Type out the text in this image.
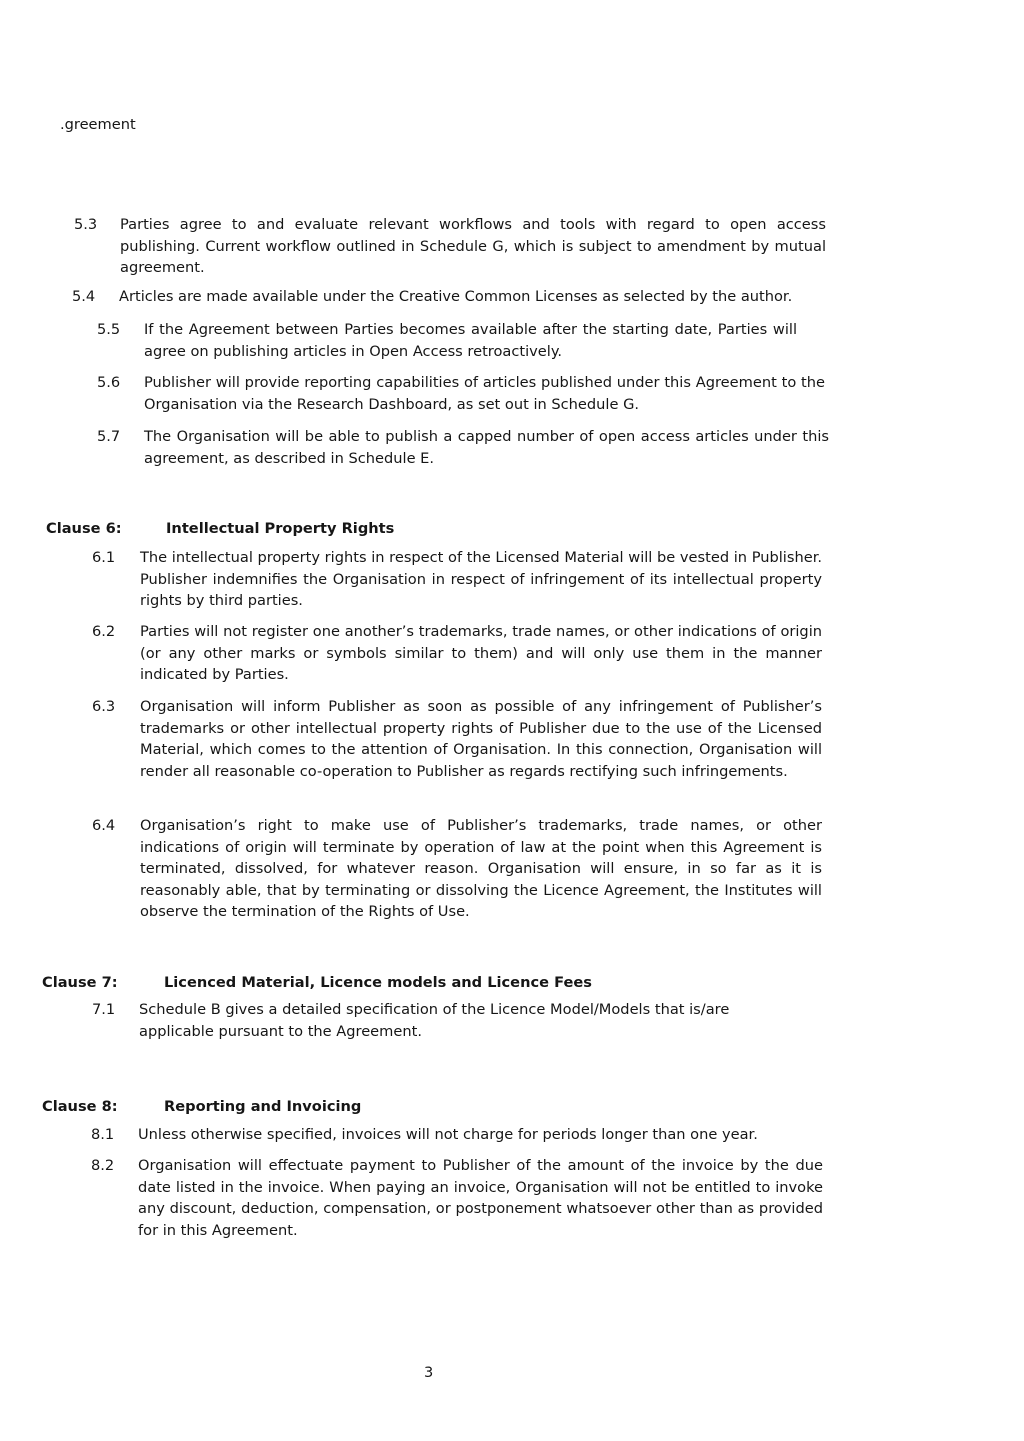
.greement
5.3	Parties agree to and evaluate relevant workflows and tools with regard to open access publishing. Current workflow outlined in Schedule G, which is subject to amendment by mutual agreement.
5.4	Articles are made available under the Creative Common Licenses as selected by the author.
5.5	If the Agreement between Parties becomes available after the starting date, Parties will agree on publishing articles in Open Access retroactively.
5.6	Publisher will provide reporting capabilities of articles published under this Agreement to the Organisation via the Research Dashboard, as set out in Schedule G.
5.7	The Organisation will be able to publish a capped number of open access articles under this agreement, as described in Schedule E.
Clause 6:	Intellectual Property Rights
6.1	The intellectual property rights in respect of the Licensed Material will be vested in Publisher. Publisher indemnifies the Organisation in respect of infringement of its intellectual property rights by third parties.
6.2	Parties will not register one another’s trademarks, trade names, or other indications of origin (or any other marks or symbols similar to them) and will only use them in the manner indicated by Parties.
6.3	Organisation will inform Publisher as soon as possible of any infringement of Publisher’s trademarks or other intellectual property rights of Publisher due to the use of the Licensed Material, which comes to the attention of Organisation. In this connection, Organisation will render all reasonable co-operation to Publisher as regards rectifying such infringements.
6.4	Organisation’s right to make use of Publisher’s trademarks, trade names, or other indications of origin will terminate by operation of law at the point when this Agreement is terminated, dissolved, for whatever reason. Organisation will ensure, in so far as it is reasonably able, that by terminating or dissolving the Licence Agreement, the Institutes will observe the termination of the Rights of Use.
Clause 7:	Licenced Material, Licence models and Licence Fees
7.1	Schedule B gives a detailed specification of the Licence Model/Models that is/are applicable pursuant to the Agreement.
Clause 8:	Reporting and Invoicing
8.1	Unless otherwise specified, invoices will not charge for periods longer than one year.
8.2	Organisation will effectuate payment to Publisher of the amount of the invoice by the due date listed in the invoice. When paying an invoice, Organisation will not be entitled to invoke any discount, deduction, compensation, or postponement whatsoever other than as provided for in this Agreement.
3
